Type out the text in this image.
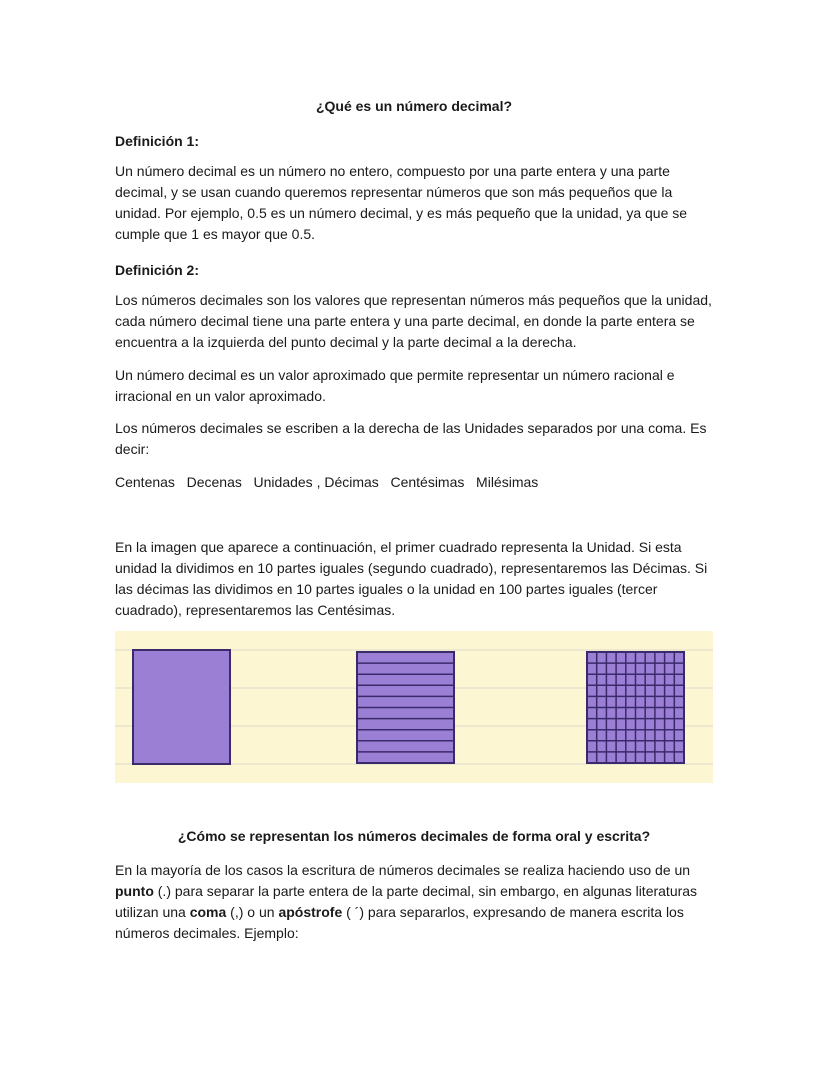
¿Qué es un número decimal?
Definición 1:

Un número decimal es un número no entero, compuesto por una parte entera y una parte decimal, y se usan cuando queremos representar números que son más pequeños que la unidad. Por ejemplo, 0.5 es un número decimal, y es más pequeño que la unidad, ya que se cumple que 1 es mayor que 0.5.

Definición 2:

Los números decimales son los valores que representan números más pequeños que la unidad, cada número decimal tiene una parte entera y una parte decimal, en donde la parte entera se encuentra a la izquierda del punto decimal y la parte decimal a la derecha.

Un número decimal es un valor aproximado que permite representar un número racional e irracional en un valor aproximado.

Los números decimales se escriben a la derecha de las Unidades separados por una coma. Es decir:

Centenas   Decenas   Unidades , Décimas   Centésimas   Milésimas

En la imagen que aparece a continuación, el primer cuadrado representa la Unidad. Si esta unidad la dividimos en 10 partes iguales (segundo cuadrado), representaremos las Décimas. Si las décimas las dividimos en 10 partes iguales o la unidad en 100 partes iguales (tercer cuadrado), representaremos las Centésimas.

¿Cómo se representan los números decimales de forma oral y escrita?

En la mayoría de los casos la escritura de números decimales se realiza haciendo uso de un punto (.) para separar la parte entera de la parte decimal, sin embargo, en algunas literaturas utilizan una coma (,) o un apóstrofe ( ´) para separarlos, expresando de manera escrita los números decimales. Ejemplo:
